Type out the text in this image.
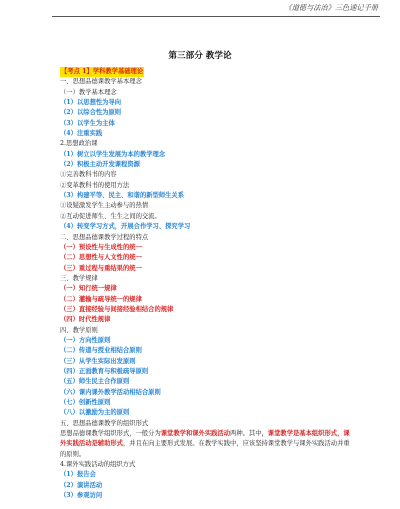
《道德与法治》三色速记手册
第三部分 教学论
【考点 1】学科教学基础理论
一、思想品德课教学基本理念
（一）教学基本理念
（1）以思想性为导向
（2）以综合性为原则
（3）以学生为主体
（4）注重实践
2.思想政治课
（1）树立以学生发展为本的教学理念
（2）积极主动开发课程资源
①完善教科书的内容
②变革教科书的使用方法
（3）构建平等、民主、和谐的新型师生关系
①设疑激发学生主动参与的热情
②互动促进师生、生生之间的交流。
（4）转变学习方式，开展合作学习、探究学习
二、思想品德课教学过程的特点
（一）预设性与生成性的统一
（二）思想性与人文性的统一
（三）重过程与重结果的统一
三、教学规律
（一）知行统一规律
（二）灌输与疏导统一的规律
（三）直接经验与间接经验相结合的规律
（四）时代性规律
四、教学原则
（一）方向性原则
（二）传道与授业相结合原则
（三）从学生实际出发原则
（四）正面教育与积极疏导原则
（五）师生民主合作原则
（六）课内课外教学活动相结合原则
（七）创新性原则
（八）以激励为主的原则
五、思想品德课教学的组织形式
思想品德课教学组织形式，一般分为课堂教学和课外实践活动两种。其中，课堂教学是基本组织形式，课外实践活动是辅助形式，并且在向主要形式发展。在教学实践中，应该坚持课堂教学与课外实践活动并重的原则。
4.课外实践活动的组织方式
（1）报告会
（2）演讲活动
（3）参观访问
